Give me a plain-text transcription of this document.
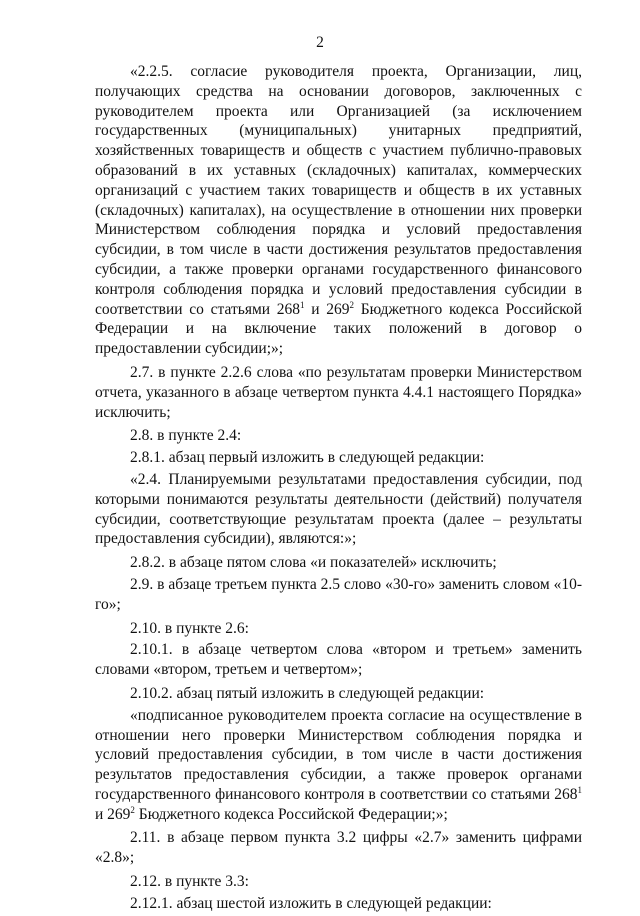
2

«2.2.5. согласие руководителя проекта, Организации, лиц, получающих средства на основании договоров, заключенных с руководителем проекта или Организацией (за исключением государственных (муниципальных) унитарных предприятий, хозяйственных товариществ и обществ с участием публично-правовых образований в их уставных (складочных) капиталах, коммерческих организаций с участием таких товариществ и обществ в их уставных (складочных) капиталах), на осуществление в отношении них проверки Министерством соблюдения порядка и условий предоставления субсидии, в том числе в части достижения результатов предоставления субсидии, а также проверки органами государственного финансового контроля соблюдения порядка и условий предоставления субсидии в соответствии со статьями $268^1$ и $269^2$ Бюджетного кодекса Российской Федерации и на включение таких положений в договор о предоставлении субсидии;»;

2.7. в пункте 2.2.6 слова «по результатам проверки Министерством отчета, указанного в абзаце четвертом пункта 4.4.1 настоящего Порядка» исключить;

2.8. в пункте 2.4:

2.8.1. абзац первый изложить в следующей редакции:

«2.4. Планируемыми результатами предоставления субсидии, под которыми понимаются результаты деятельности (действий) получателя субсидии, соответствующие результатам проекта (далее – результаты предоставления субсидии), являются:»;

2.8.2. в абзаце пятом слова «и показателей» исключить;

2.9. в абзаце третьем пункта 2.5 слово «30-го» заменить словом «10-го»;

2.10. в пункте 2.6:

2.10.1. в абзаце четвертом слова «втором и третьем» заменить словами «втором, третьем и четвертом»;

2.10.2. абзац пятый изложить в следующей редакции:

«подписанное руководителем проекта согласие на осуществление в отношении него проверки Министерством соблюдения порядка и условий предоставления субсидии, в том числе в части достижения результатов предоставления субсидии, а также проверок органами государственного финансового контроля в соответствии со статьями $268^1$ и $269^2$ Бюджетного кодекса Российской Федерации;»;

2.11. в абзаце первом пункта 3.2 цифры «2.7» заменить цифрами «2.8»;

2.12. в пункте 3.3:

2.12.1. абзац шестой изложить в следующей редакции:
